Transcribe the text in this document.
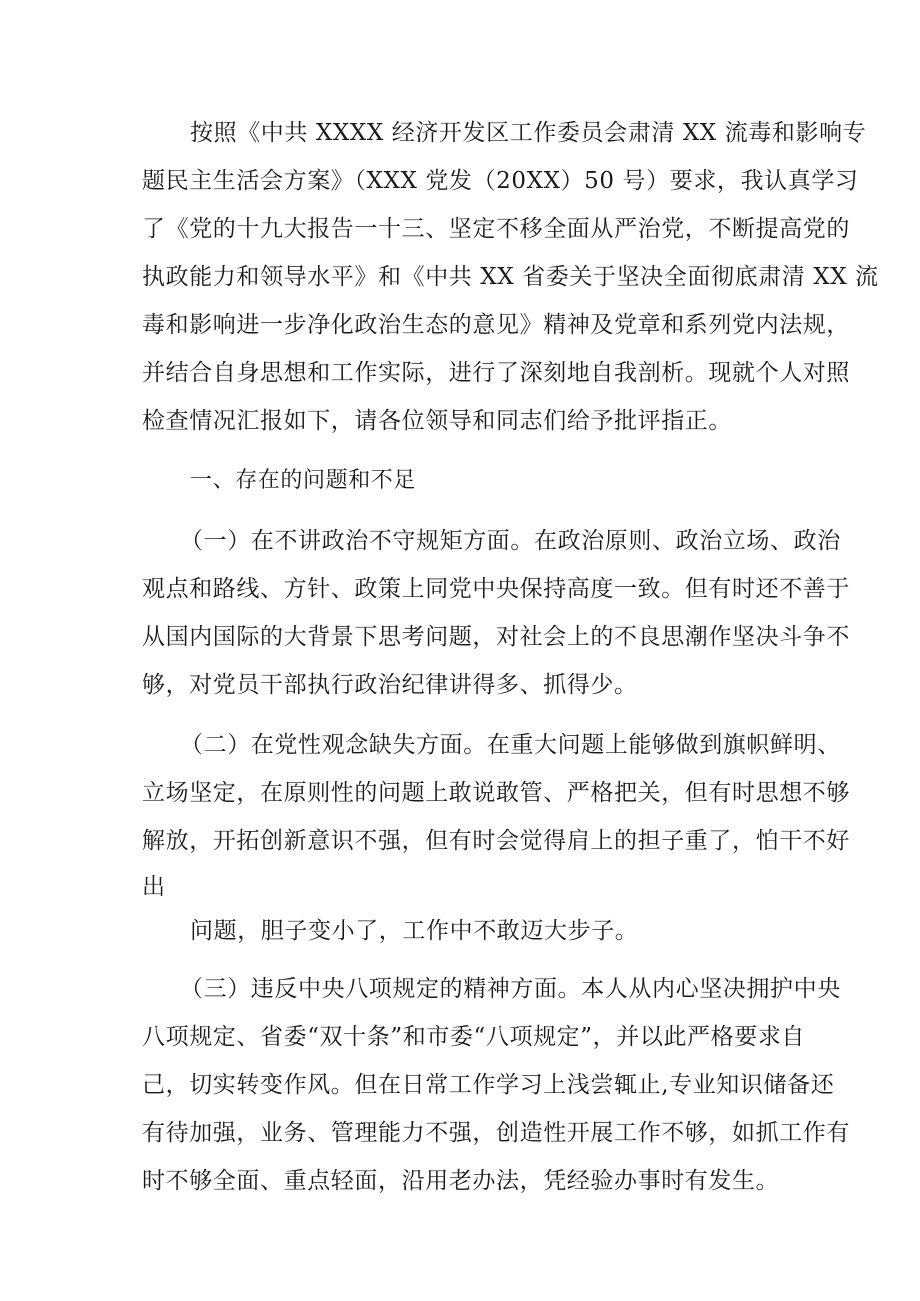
按照《中共 XXXX 经济开发区工作委员会肃清 XX 流毒和影响专
题民主生活会方案》（XXX 党发（20XX）50 号）要求，我认真学习
了《党的十九大报告一十三、坚定不移全面从严治党，不断提高党的
执政能力和领导水平》和《中共 XX 省委关于坚决全面彻底肃清 XX 流
毒和影响进一步净化政治生态的意见》精神及党章和系列党内法规，
并结合自身思想和工作实际，进行了深刻地自我剖析。现就个人对照
检查情况汇报如下，请各位领导和同志们给予批评指正。
一、存在的问题和不足
（一）在不讲政治不守规矩方面。在政治原则、政治立场、政治
观点和路线、方针、政策上同党中央保持高度一致。但有时还不善于
从国内国际的大背景下思考问题，对社会上的不良思潮作坚决斗争不
够，对党员干部执行政治纪律讲得多、抓得少。
（二）在党性观念缺失方面。在重大问题上能够做到旗帜鲜明、
立场坚定，在原则性的问题上敢说敢管、严格把关，但有时思想不够
解放，开拓创新意识不强，但有时会觉得肩上的担子重了，怕干不好
出
问题，胆子变小了，工作中不敢迈大步子。
（三）违反中央八项规定的精神方面。本人从内心坚决拥护中央
八项规定、省委“双十条”和市委“八项规定”，并以此严格要求自
己，切实转变作风。但在日常工作学习上浅尝辄止,专业知识储备还
有待加强，业务、管理能力不强，创造性开展工作不够，如抓工作有
时不够全面、重点轻面，沿用老办法，凭经验办事时有发生。
